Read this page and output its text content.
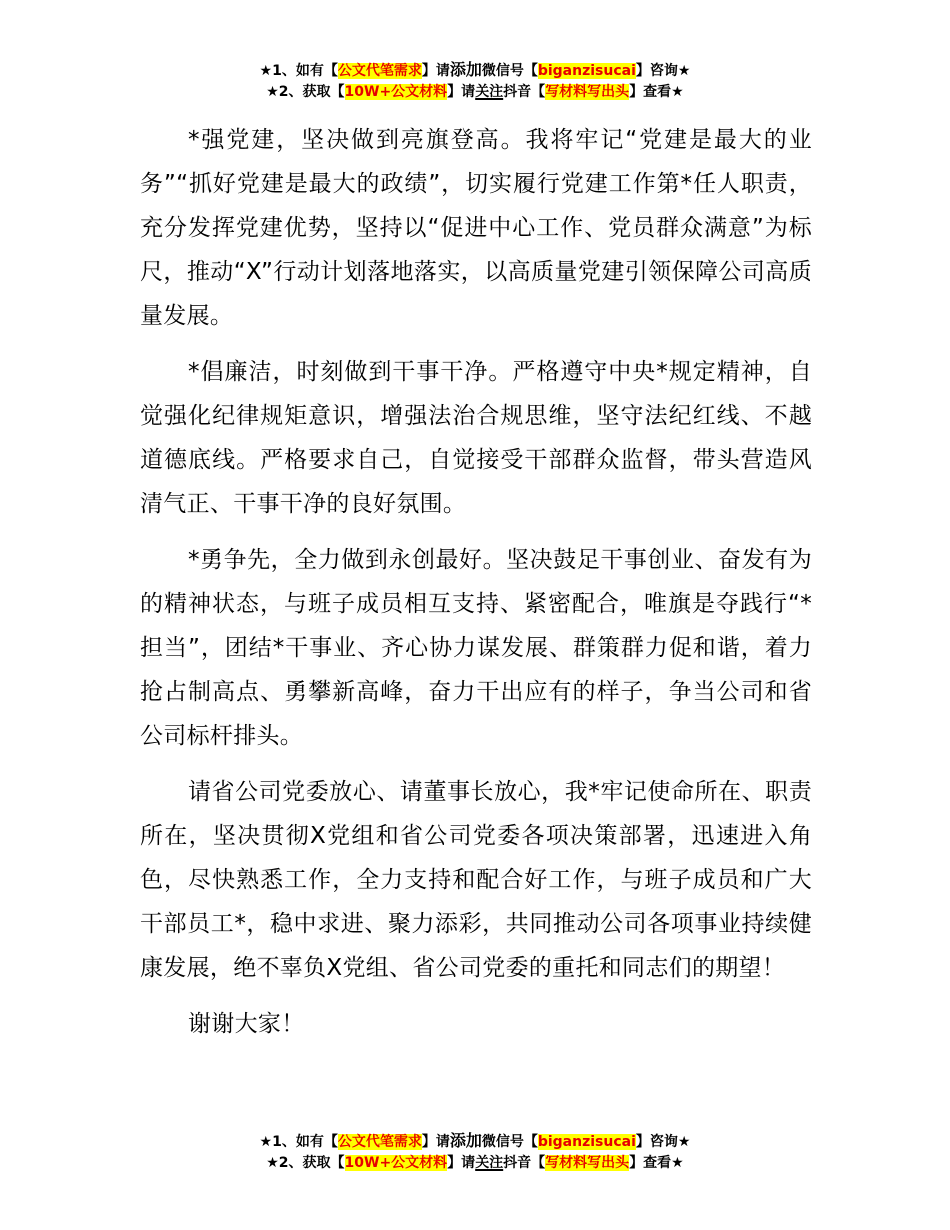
★1、如有【公文代笔需求】请添加微信号【biganzisucai】咨询★
★2、获取【10W+公文材料】请关注抖音【写材料写出头】查看★

*强党建，坚决做到亮旗登高。我将牢记“党建是最大的业务”“抓好党建是最大的政绩”，切实履行党建工作第*任人职责，充分发挥党建优势，坚持以“促进中心工作、党员群众满意”为标尺，推动“X”行动计划落地落实，以高质量党建引领保障公司高质量发展。

*倡廉洁，时刻做到干事干净。严格遵守中央*规定精神，自觉强化纪律规矩意识，增强法治合规思维，坚守法纪红线、不越道德底线。严格要求自己，自觉接受干部群众监督，带头营造风清气正、干事干净的良好氛围。

*勇争先，全力做到永创最好。坚决鼓足干事创业、奋发有为的精神状态，与班子成员相互支持、紧密配合，唯旗是夺践行“*担当”，团结*干事业、齐心协力谋发展、群策群力促和谐，着力抢占制高点、勇攀新高峰，奋力干出应有的样子，争当公司和省公司标杆排头。

请省公司党委放心、请董事长放心，我*牢记使命所在、职责所在，坚决贯彻X党组和省公司党委各项决策部署，迅速进入角色，尽快熟悉工作，全力支持和配合好工作，与班子成员和广大干部员工*，稳中求进、聚力添彩，共同推动公司各项事业持续健康发展，绝不辜负X党组、省公司党委的重托和同志们的期望！

谢谢大家！

★1、如有【公文代笔需求】请添加微信号【biganzisucai】咨询★
★2、获取【10W+公文材料】请关注抖音【写材料写出头】查看★
